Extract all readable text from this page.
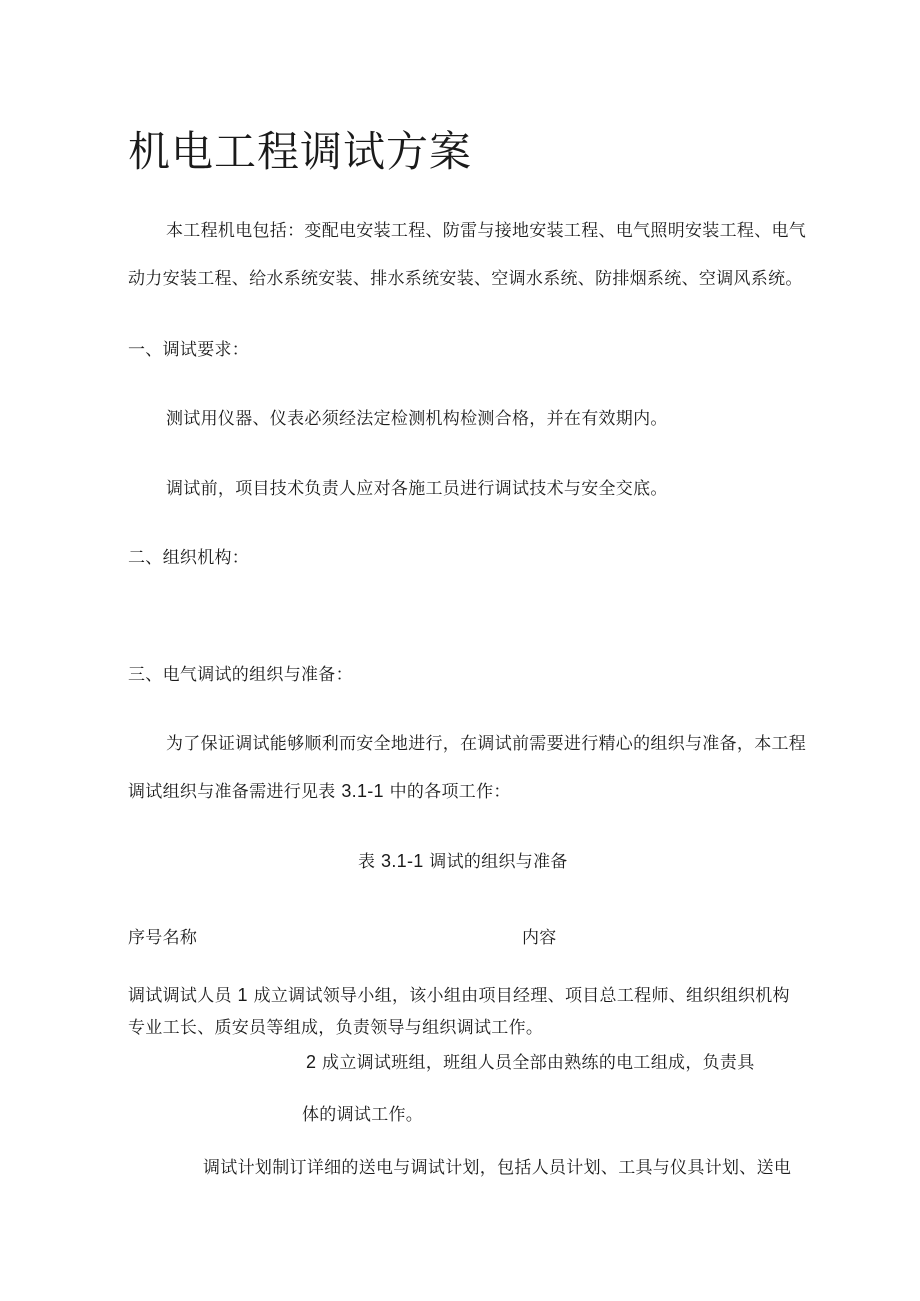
机电工程调试方案
本工程机电包括：变配电安装工程、防雷与接地安装工程、电气照明安装工程、电气
动力安装工程、给水系统安装、排水系统安装、空调水系统、防排烟系统、空调风系统。
一、调试要求：
测试用仪器、仪表必须经法定检测机构检测合格，并在有效期内。
调试前，项目技术负责人应对各施工员进行调试技术与安全交底。
二、组织机构：
三、电气调试的组织与准备：
为了保证调试能够顺利而安全地进行，在调试前需要进行精心的组织与准备，本工程
调试组织与准备需进行见表 3.1-1 中的各项工作：
表 3.1-1 调试的组织与准备
序号名称	内容
调试调试人员 1 成立调试领导小组，该小组由项目经理、项目总工程师、组织组织机构
专业工长、质安员等组成，负责领导与组织调试工作。
2 成立调试班组，班组人员全部由熟练的电工组成，负责具
体的调试工作。
调试计划制订详细的送电与调试计划，包括人员计划、工具与仪具计划、送电
